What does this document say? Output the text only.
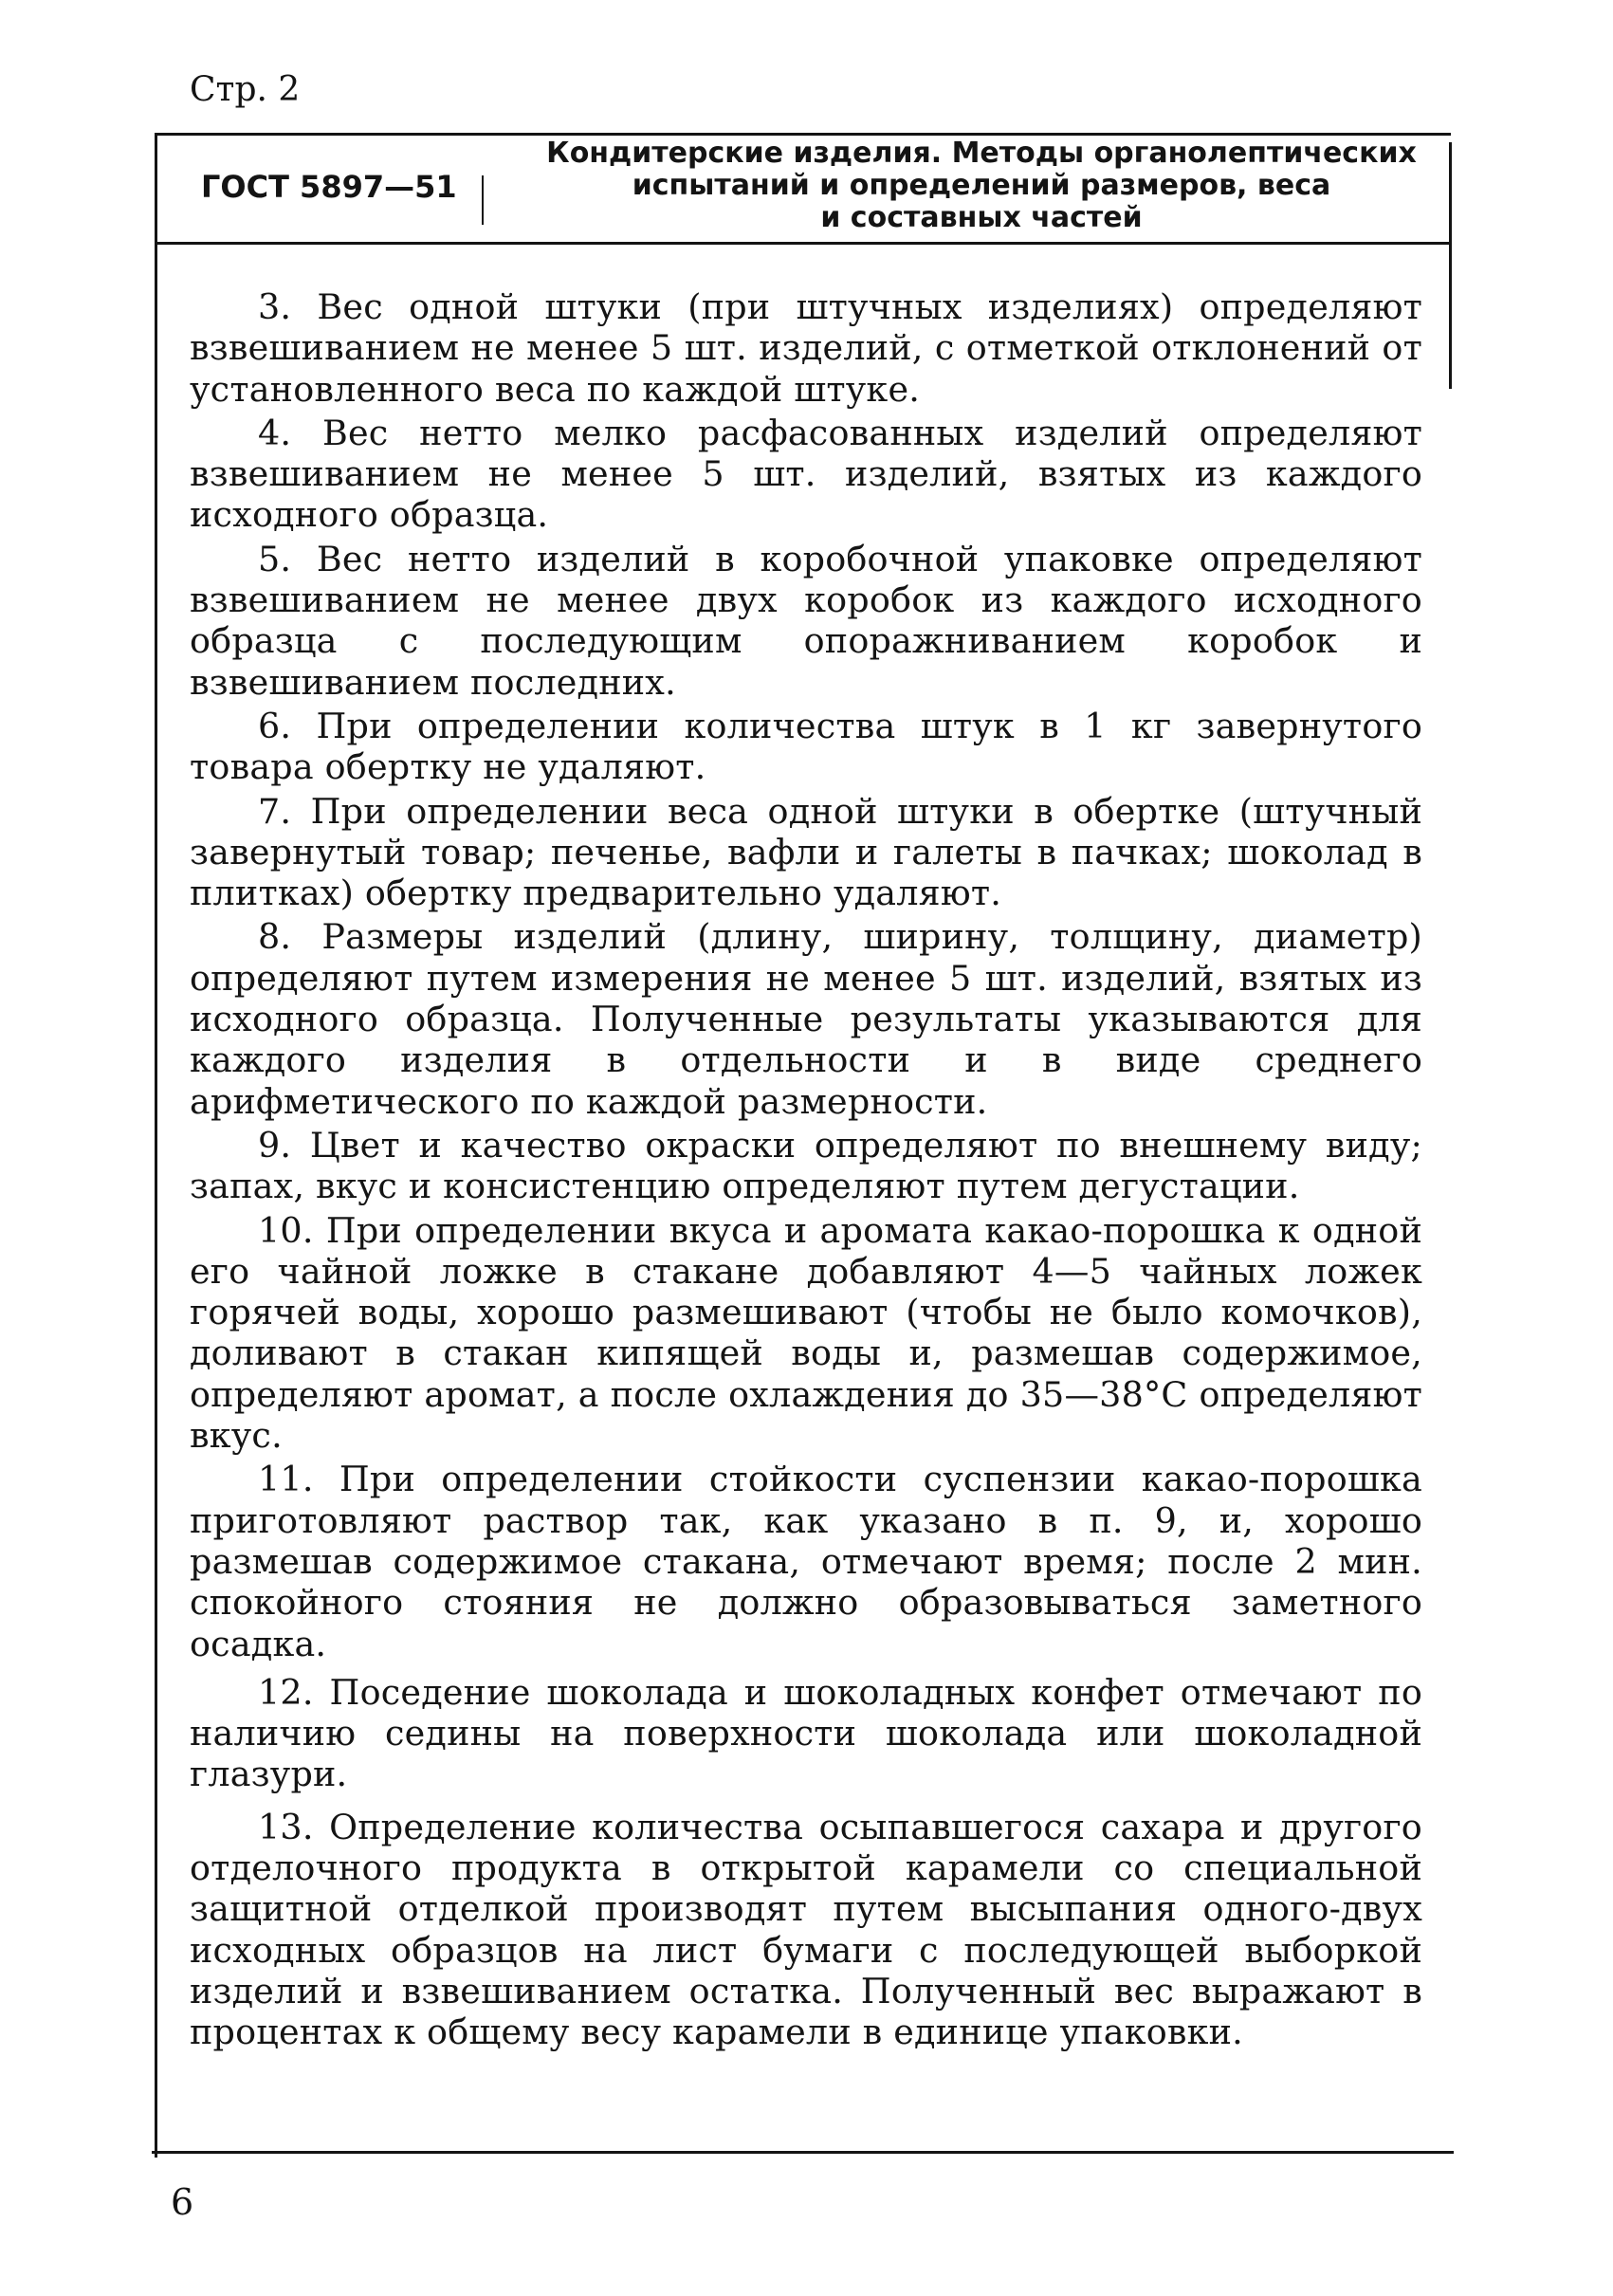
Стр. 2
ГОСТ 5897—51
Кондитерские изделия. Методы органолептических
испытаний и определений размеров, веса
и составных частей

3. Вес одной штуки (при штучных изделиях) определяют взвешиванием не менее 5 шт. изделий, с отметкой отклонений от установленного веса по каждой штуке.

4. Вес нетто мелко расфасованных изделий определяют взвешиванием не менее 5 шт. изделий, взятых из каждого исходного образца.

5. Вес нетто изделий в коробочной упаковке определяют взвешиванием не менее двух коробок из каждого исходного образца с последующим опоражниванием коробок и взвешиванием последних.

6. При определении количества штук в 1 кг завернутого товара обертку не удаляют.

7. При определении веса одной штуки в обертке (штучный завернутый товар; печенье, вафли и галеты в пачках; шоколад в плитках) обертку предварительно удаляют.

8. Размеры изделий (длину, ширину, толщину, диаметр) определяют путем измерения не менее 5 шт. изделий, взятых из исходного образца. Полученные результаты указываются для каждого изделия в отдельности и в виде среднего арифметического по каждой размерности.

9. Цвет и качество окраски определяют по внешнему виду; запах, вкус и консистенцию определяют путем дегустации.

10. При определении вкуса и аромата какао-порошка к одной его чайной ложке в стакане добавляют 4—5 чайных ложек горячей воды, хорошо размешивают (чтобы не было комочков), доливают в стакан кипящей воды и, размешав содержимое, определяют аромат, а после охлаждения до 35—38°С определяют вкус.

11. При определении стойкости суспензии какао-порошка приготовляют раствор так, как указано в п. 9, и, хорошо размешав содержимое стакана, отмечают время; после 2 мин. спокойного стояния не должно образовываться заметного осадка.

12. Поседение шоколада и шоколадных конфет отмечают по наличию седины на поверхности шоколада или шоколадной глазури.

13. Определение количества осыпавшегося сахара и другого отделочного продукта в открытой карамели со специальной защитной отделкой производят путем высыпания одного-двух исходных образцов на лист бумаги с последующей выборкой изделий и взвешиванием остатка. Полученный вес выражают в процентах к общему весу карамели в единице упаковки.

6
